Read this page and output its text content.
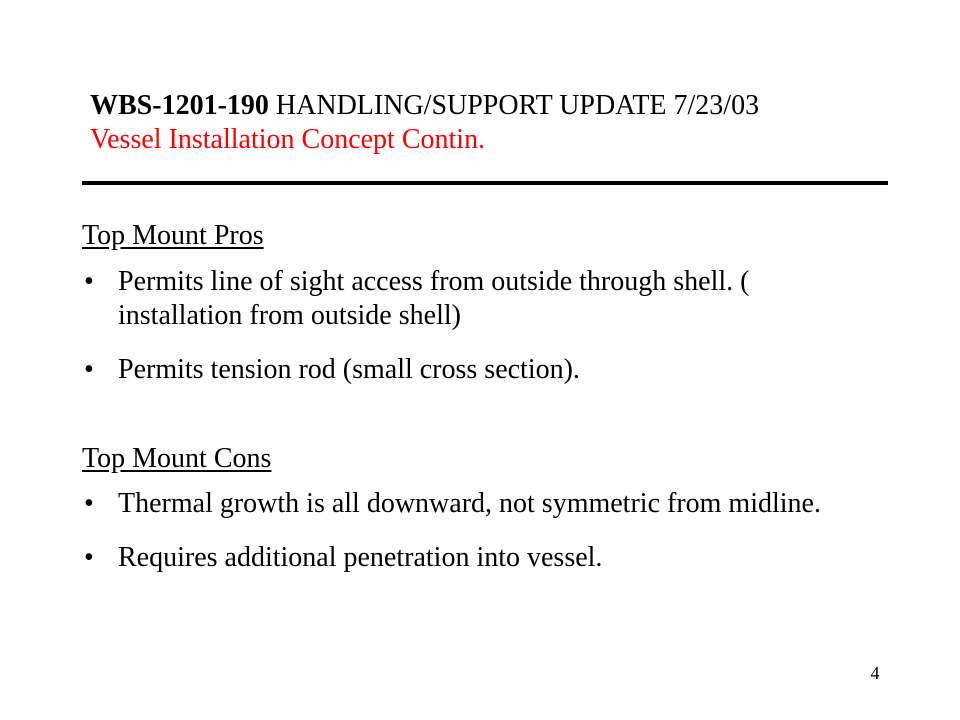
WBS-1201-190 HANDLING/SUPPORT UPDATE 7/23/03
Vessel Installation Concept Contin.
Top Mount Pros
• Permits line of sight access from outside through shell. ( installation from outside shell)
• Permits tension rod (small cross section).
Top Mount Cons
• Thermal growth is all downward, not symmetric from midline.
• Requires additional penetration into vessel.
4
